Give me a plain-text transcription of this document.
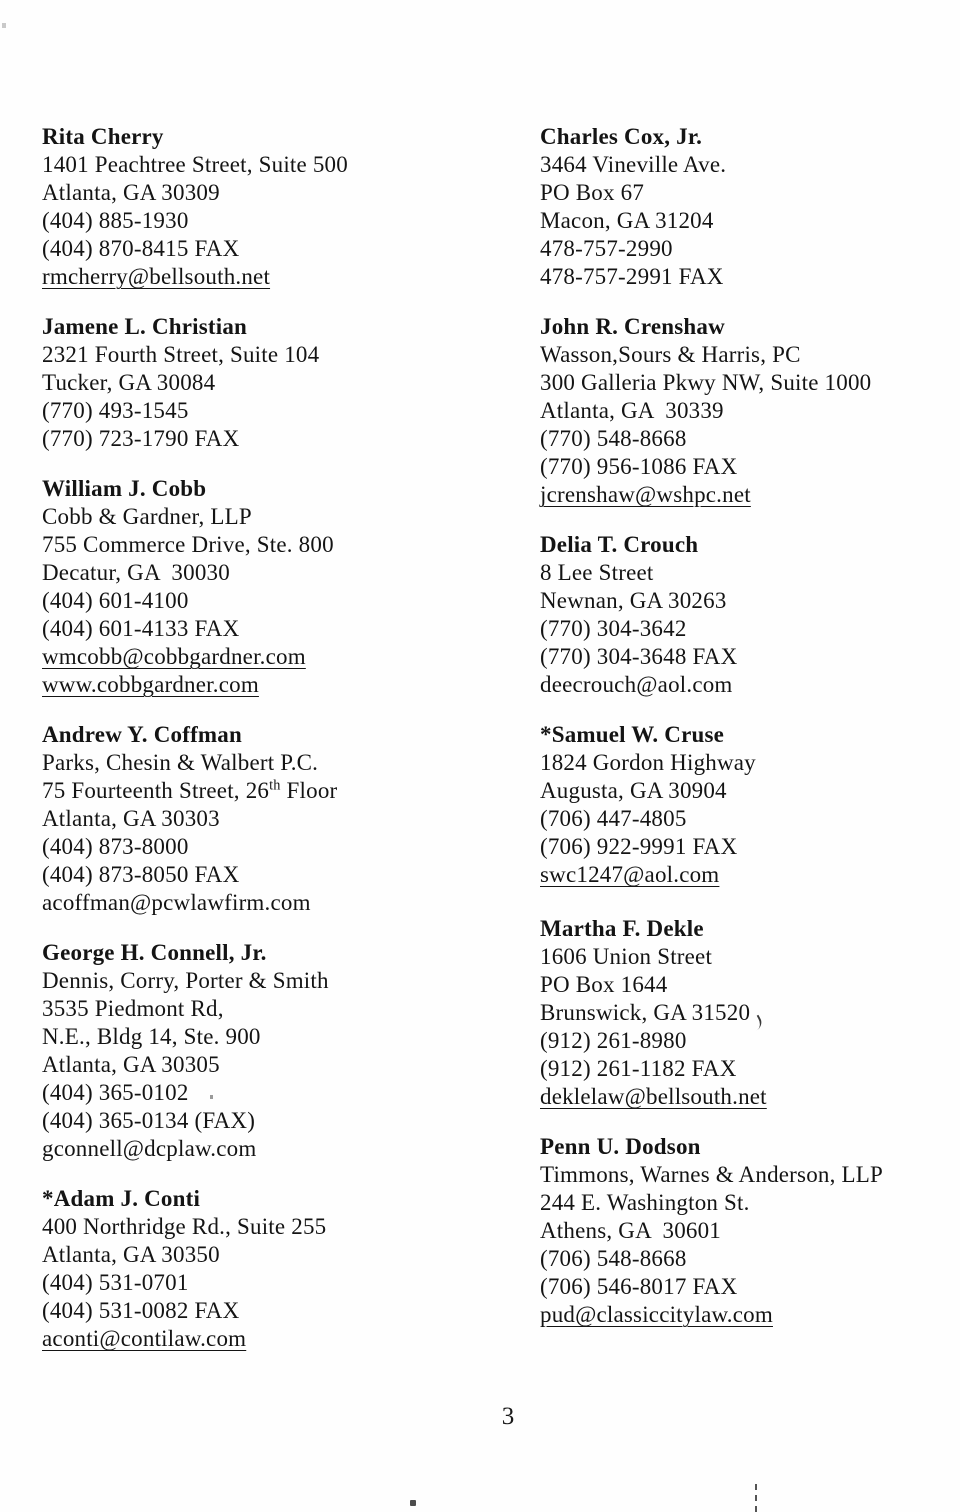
Rita Cherry
1401 Peachtree Street, Suite 500
Atlanta, GA 30309
(404) 885-1930
(404) 870-8415 FAX
rmcherry@bellsouth.net
Jamene L. Christian
2321 Fourth Street, Suite 104
Tucker, GA 30084
(770) 493-1545
(770) 723-1790 FAX
William J. Cobb
Cobb & Gardner, LLP
755 Commerce Drive, Ste. 800
Decatur, GA  30030
(404) 601-4100
(404) 601-4133 FAX
wmcobb@cobbgardner.com
www.cobbgardner.com
Andrew Y. Coffman
Parks, Chesin & Walbert P.C.
75 Fourteenth Street, 26th Floor
Atlanta, GA 30303
(404) 873-8000
(404) 873-8050 FAX
acoffman@pcwlawfirm.com
George H. Connell, Jr.
Dennis, Corry, Porter & Smith
3535 Piedmont Rd,
N.E., Bldg 14, Ste. 900
Atlanta, GA 30305
(404) 365-0102
(404) 365-0134 (FAX)
gconnell@dcplaw.com
*Adam J. Conti
400 Northridge Rd., Suite 255
Atlanta, GA 30350
(404) 531-0701
(404) 531-0082 FAX
aconti@contilaw.com
Charles Cox, Jr.
3464 Vineville Ave.
PO Box 67
Macon, GA 31204
478-757-2990
478-757-2991 FAX
John R. Crenshaw
Wasson,Sours & Harris, PC
300 Galleria Pkwy NW, Suite 1000
Atlanta, GA  30339
(770) 548-8668
(770) 956-1086 FAX
jcrenshaw@wshpc.net
Delia T. Crouch
8 Lee Street
Newnan, GA 30263
(770) 304-3642
(770) 304-3648 FAX
deecrouch@aol.com
*Samuel W. Cruse
1824 Gordon Highway
Augusta, GA 30904
(706) 447-4805
(706) 922-9991 FAX
swc1247@aol.com
Martha F. Dekle
1606 Union Street
PO Box 1644
Brunswick, GA 31520
(912) 261-8980
(912) 261-1182 FAX
deklelaw@bellsouth.net
Penn U. Dodson
Timmons, Warnes & Anderson, LLP
244 E. Washington St.
Athens, GA  30601
(706) 548-8668
(706) 546-8017 FAX
pud@classiccitylaw.com
3
